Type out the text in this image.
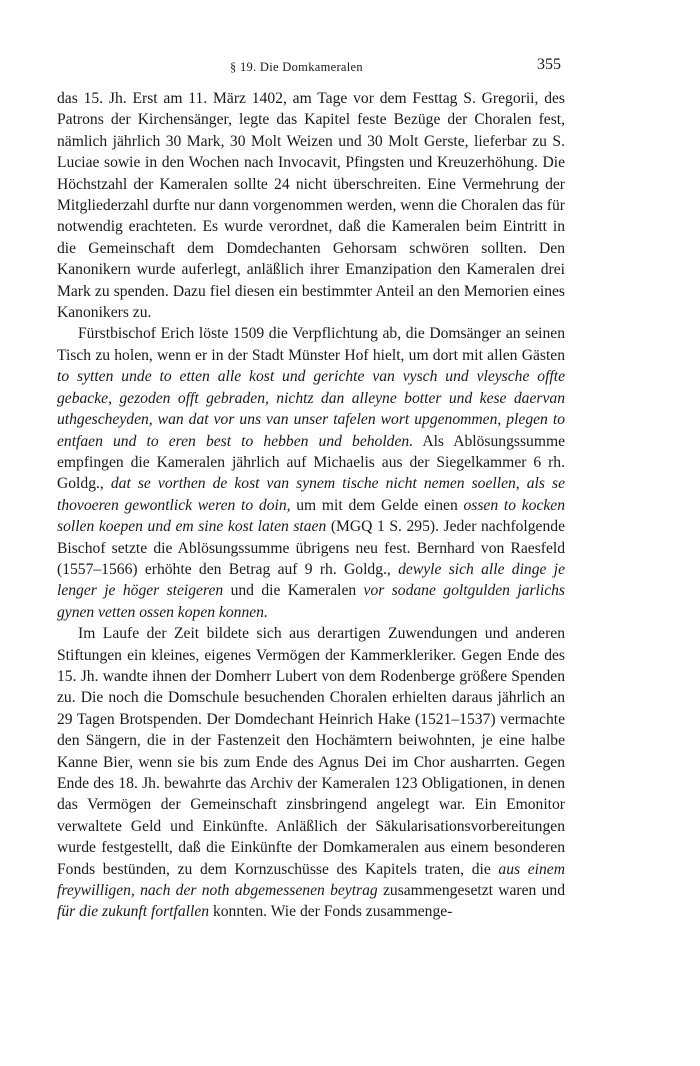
§ 19. Die Domkameralen	355

das 15. Jh. Erst am 11. März 1402, am Tage vor dem Festtag S. Gregorii, des Patrons der Kirchensänger, legte das Kapitel feste Bezüge der Choralen fest, nämlich jährlich 30 Mark, 30 Molt Weizen und 30 Molt Gerste, lieferbar zu S. Luciae sowie in den Wochen nach Invocavit, Pfingsten und Kreuzerhöhung. Die Höchstzahl der Kameralen sollte 24 nicht überschreiten. Eine Vermehrung der Mitgliederzahl durfte nur dann vorgenommen werden, wenn die Choralen das für notwendig erachteten. Es wurde verordnet, daß die Kameralen beim Eintritt in die Gemeinschaft dem Domdechanten Gehorsam schwören sollten. Den Kanonikern wurde auferlegt, anläßlich ihrer Emanzipation den Kameralen drei Mark zu spenden. Dazu fiel diesen ein bestimmter Anteil an den Memorien eines Kanonikers zu.

Fürstbischof Erich löste 1509 die Verpflichtung ab, die Domsänger an seinen Tisch zu holen, wenn er in der Stadt Münster Hof hielt, um dort mit allen Gästen to sytten unde to etten alle kost und gerichte van vysch und vleysche offte gebacke, gezoden offt gebraden, nichtz dan alleyne botter und kese daervan uthgescheyden, wan dat vor uns van unser tafelen wort upgenommen, plegen to entfaen und to eren best to hebben und beholden. Als Ablösungssumme empfingen die Kameralen jährlich auf Michaelis aus der Siegelkammer 6 rh. Goldg., dat se vorthen de kost van synem tische nicht nemen soellen, als se thovoeren gewontlick weren to doin, um mit dem Gelde einen ossen to kocken sollen koepen und em sine kost laten staen (MGQ 1 S. 295). Jeder nachfolgende Bischof setzte die Ablösungssumme übrigens neu fest. Bernhard von Raesfeld (1557–1566) erhöhte den Betrag auf 9 rh. Goldg., dewyle sich alle dinge je lenger je höger steigeren und die Kameralen vor sodane goltgulden jarlichs gynen vetten ossen kopen konnen.

Im Laufe der Zeit bildete sich aus derartigen Zuwendungen und anderen Stiftungen ein kleines, eigenes Vermögen der Kammerkleriker. Gegen Ende des 15. Jh. wandte ihnen der Domherr Lubert von dem Rodenberge größere Spenden zu. Die noch die Domschule besuchenden Choralen erhielten daraus jährlich an 29 Tagen Brotspenden. Der Domdechant Heinrich Hake (1521–1537) vermachte den Sängern, die in der Fastenzeit den Hochämtern beiwohnten, je eine halbe Kanne Bier, wenn sie bis zum Ende des Agnus Dei im Chor ausharrten. Gegen Ende des 18. Jh. bewahrte das Archiv der Kameralen 123 Obligationen, in denen das Vermögen der Gemeinschaft zinsbringend angelegt war. Ein Emonitor verwaltete Geld und Einkünfte. Anläßlich der Säkularisationsvorbereitungen wurde festgestellt, daß die Einkünfte der Domkameralen aus einem besonderen Fonds bestünden, zu dem Kornzuschüsse des Kapitels traten, die aus einem freywilligen, nach der noth abgemessenen beytrag zusammengesetzt waren und für die zukunft fortfallen konnten. Wie der Fonds zusammenge-
